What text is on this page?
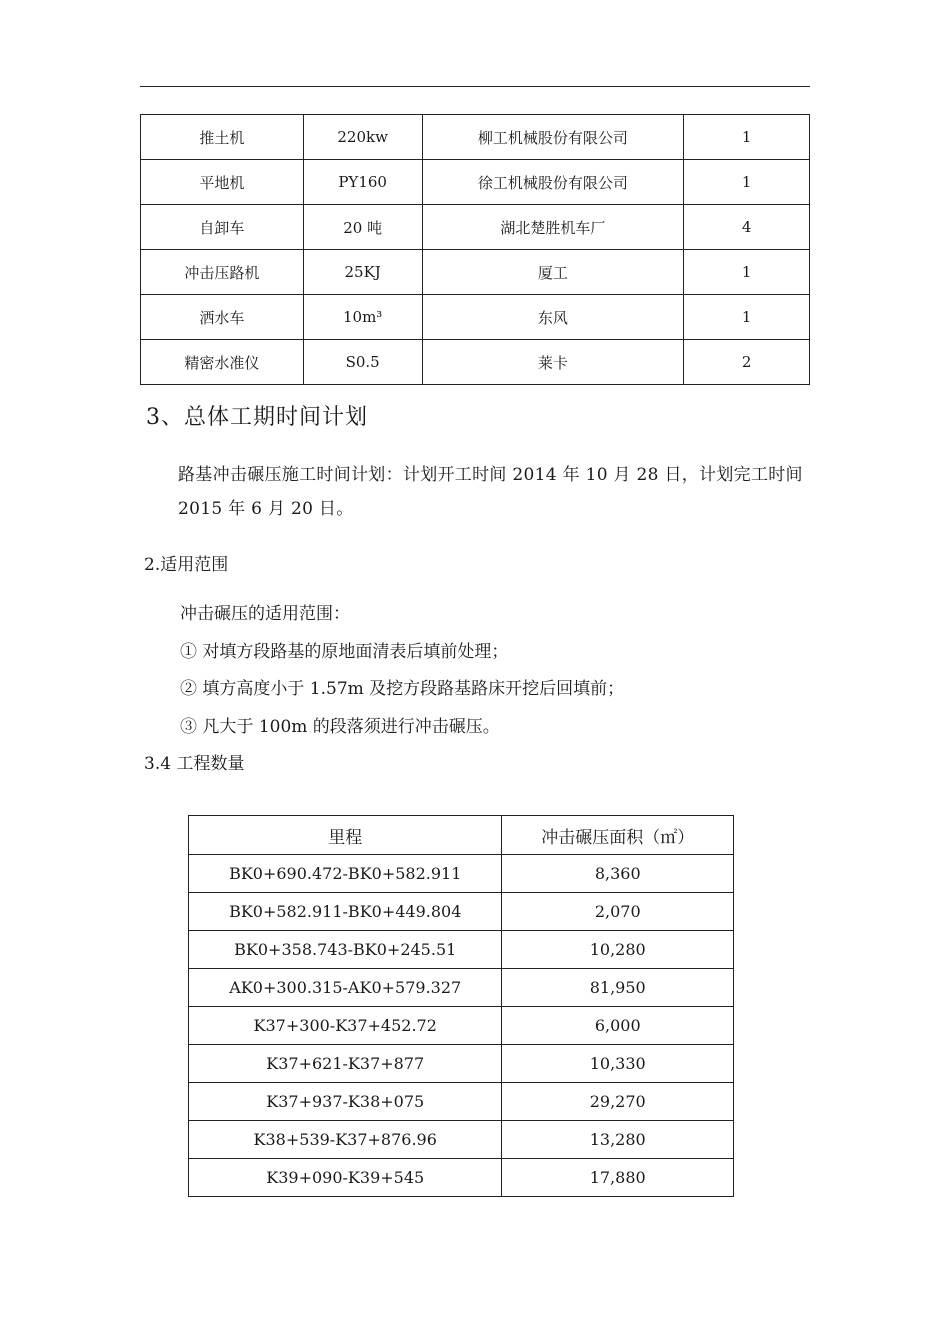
推土机	220kw	柳工机械股份有限公司	1
平地机	PY160	徐工机械股份有限公司	1
自卸车	20 吨	湖北楚胜机车厂	4
冲击压路机	25KJ	厦工	1
洒水车	10m³	东风	1
精密水准仪	S0.5	莱卡	2
3、总体工期时间计划
路基冲击碾压施工时间计划：计划开工时间 2014 年 10 月 28 日，计划完工时间 2015 年 6 月 20 日。
2.适用范围
冲击碾压的适用范围：
① 对填方段路基的原地面清表后填前处理；
② 填方高度小于 1.57m 及挖方段路基路床开挖后回填前；
③ 凡大于 100m 的段落须进行冲击碾压。
3.4 工程数量
里程	冲击碾压面积（㎡）
BK0+690.472-BK0+582.911	8,360
BK0+582.911-BK0+449.804	2,070
BK0+358.743-BK0+245.51	10,280
AK0+300.315-AK0+579.327	81,950
K37+300-K37+452.72	6,000
K37+621-K37+877	10,330
K37+937-K38+075	29,270
K38+539-K37+876.96	13,280
K39+090-K39+545	17,880
